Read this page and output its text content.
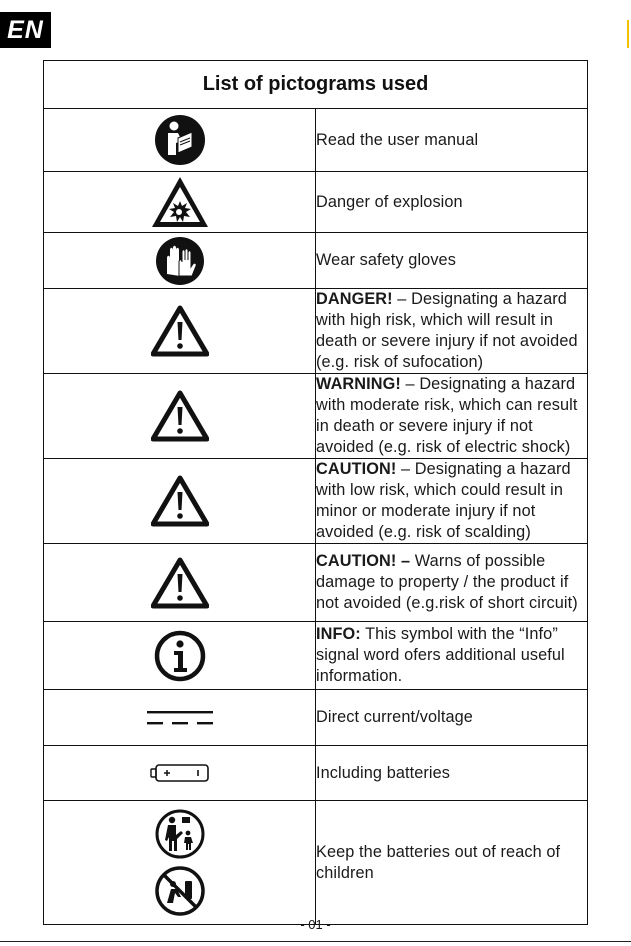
EN
List of pictograms used	

	Read the user manual

	Danger of explosion

	Wear safety gloves

	DANGER! – Designating a hazard with high risk, which will result in death or severe injury if not avoided (e.g. risk of sufocation)

	WARNING! – Designating a hazard with moderate risk, which can result in death or severe injury if not avoided (e.g. risk of electric shock)

	CAUTION! – Designating a hazard with low risk, which could result in minor or moderate injury if not avoided (e.g. risk of scalding)

	CAUTION! – Warns of possible damage to property / the product if not avoided (e.g.risk of short circuit)

	INFO: This symbol with the “Info” signal word ofers additional useful information.

	Direct current/voltage

	Including batteries

	Keep the batteries out of reach of children
- 01 -
